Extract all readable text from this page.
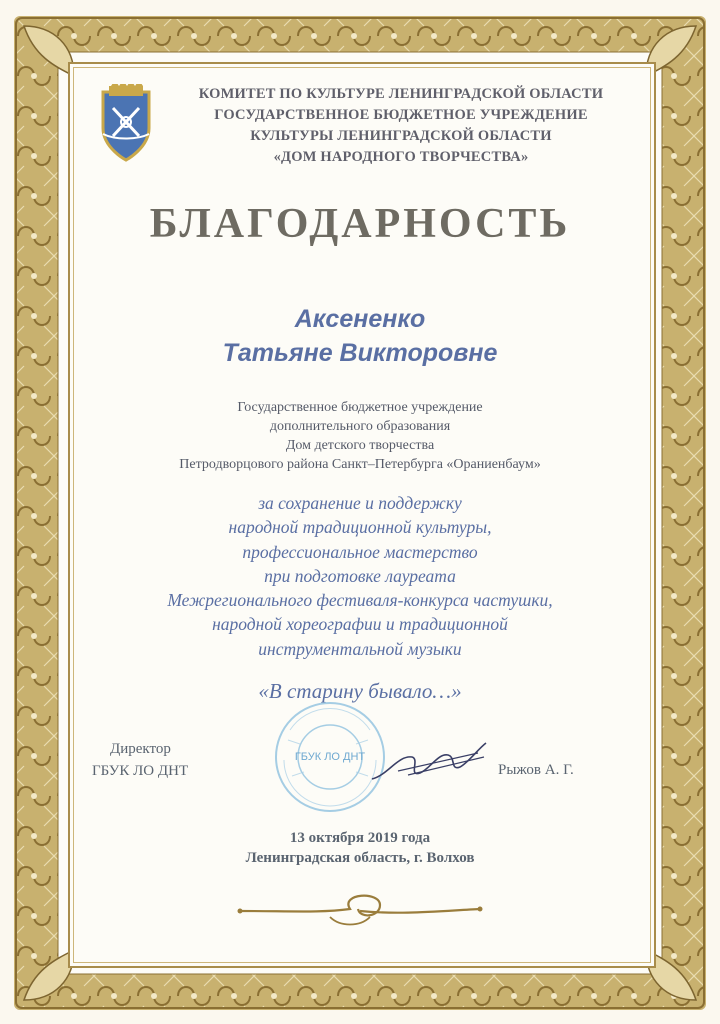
КОМИТЕТ ПО КУЛЬТУРЕ ЛЕНИНГРАДСКОЙ ОБЛАСТИ
ГОСУДАРСТВЕННОЕ БЮДЖЕТНОЕ УЧРЕЖДЕНИЕ
КУЛЬТУРЫ ЛЕНИНГРАДСКОЙ ОБЛАСТИ
«ДОМ НАРОДНОГО ТВОРЧЕСТВА»
БЛАГОДАРНОСТЬ
Аксененко
Татьяне Викторовне
Государственное бюджетное учреждение
дополнительного образования
Дом детского творчества
Петродворцового района Санкт–Петербурга «Ораниенбаум»
за сохранение и поддержку
народной традиционной культуры,
профессиональное мастерство
при подготовке лауреата
Межрегионального фестиваля-конкурса частушки,
народной хореографии и традиционной
инструментальной музыки
«В старину бывало…»
Директор
ГБУК ЛО ДНТ
ГБУК ЛО ДНТ
Рыжов А. Г.
13 октября 2019 года
Ленинградская область, г. Волхов
